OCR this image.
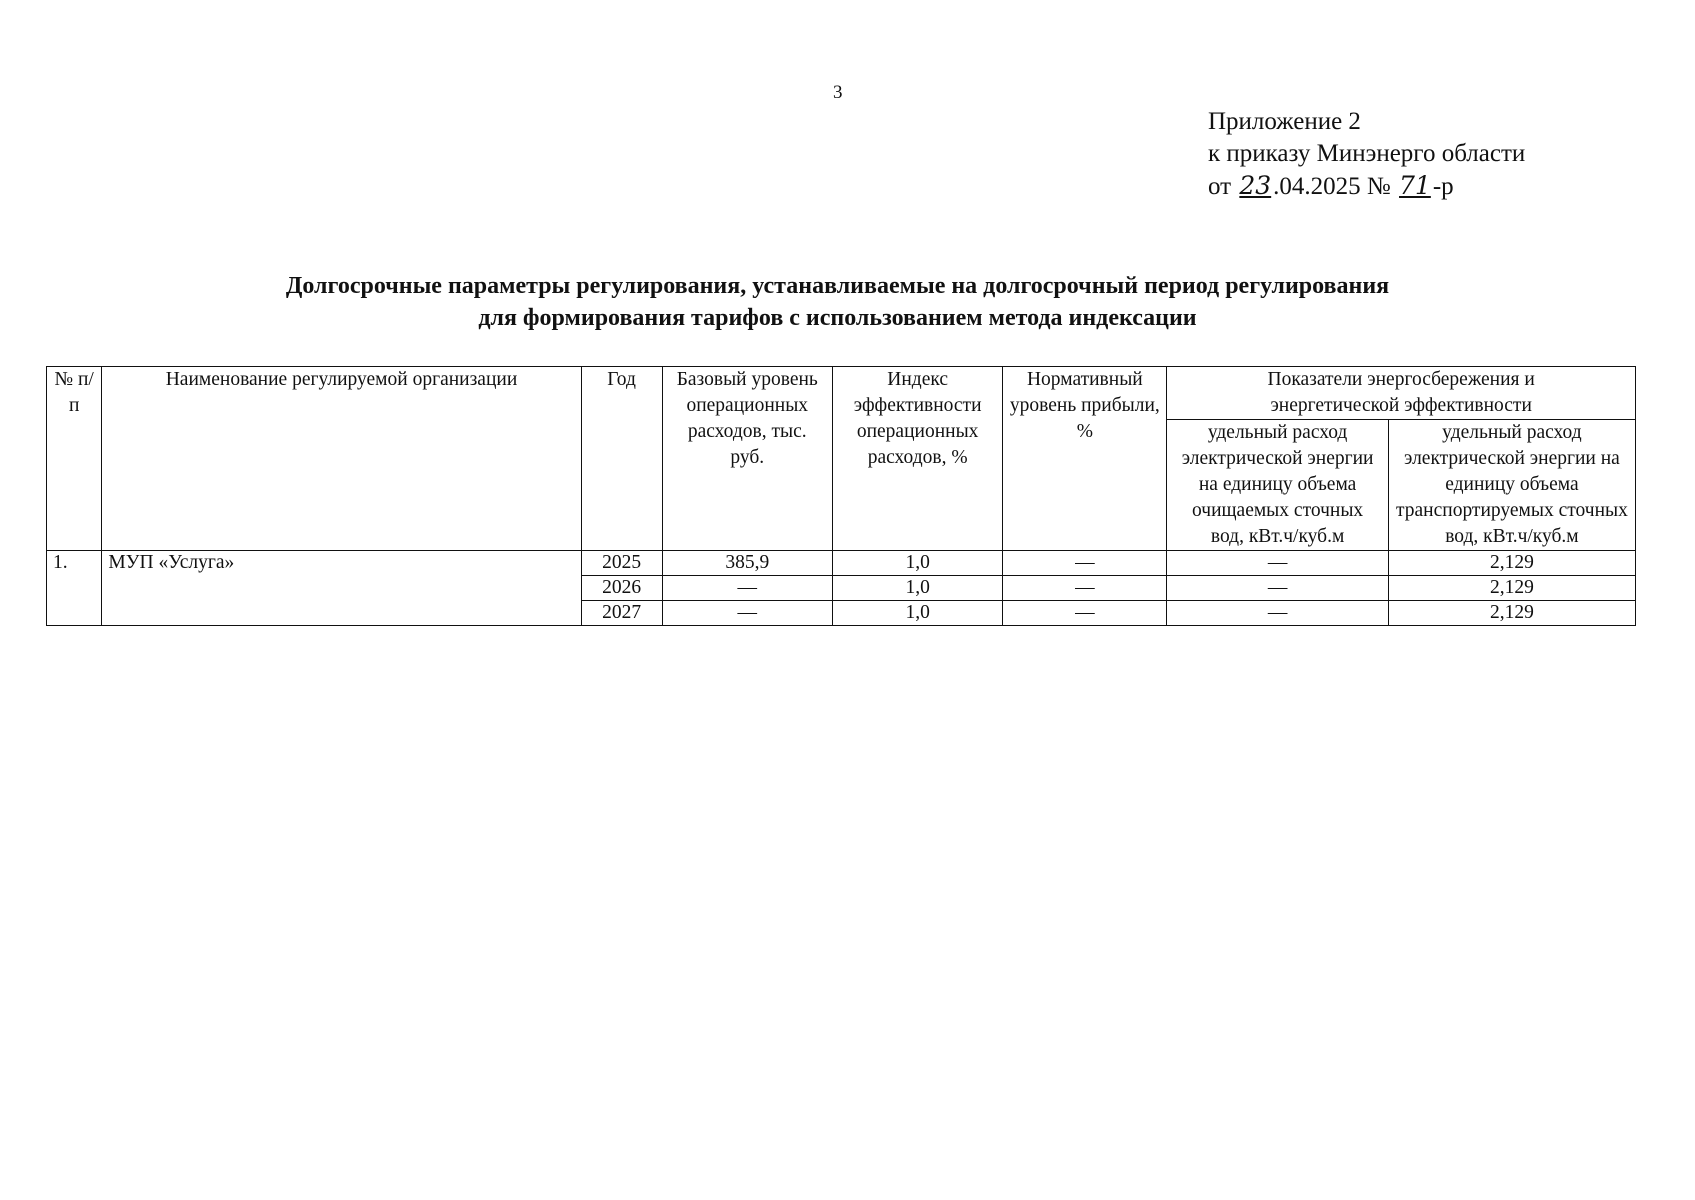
3
Приложение 2
к приказу Минэнерго области
от 23.04.2025 № 71-р
Долгосрочные параметры регулирования, устанавливаемые на долгосрочный период регулирования
для формирования тарифов с использованием метода индексации
№ п/п	Наименование регулируемой организации	Год	Базовый уровень операционных расходов, тыс. руб.	Индекс эффективности операционных расходов, %	Нормативный уровень прибыли, %	Показатели энергосбережения и энергетической эффективности	
						удельный расход электрической энергии на единицу объема очищаемых сточных вод, кВт.ч/куб.м	удельный расход электрической энергии на единицу объема транспортируемых сточных вод, кВт.ч/куб.м
1.	МУП «Услуга»	2025	385,9	1,0	—	—	2,129
		2026	—	1,0	—	—	2,129
		2027	—	1,0	—	—	2,129
